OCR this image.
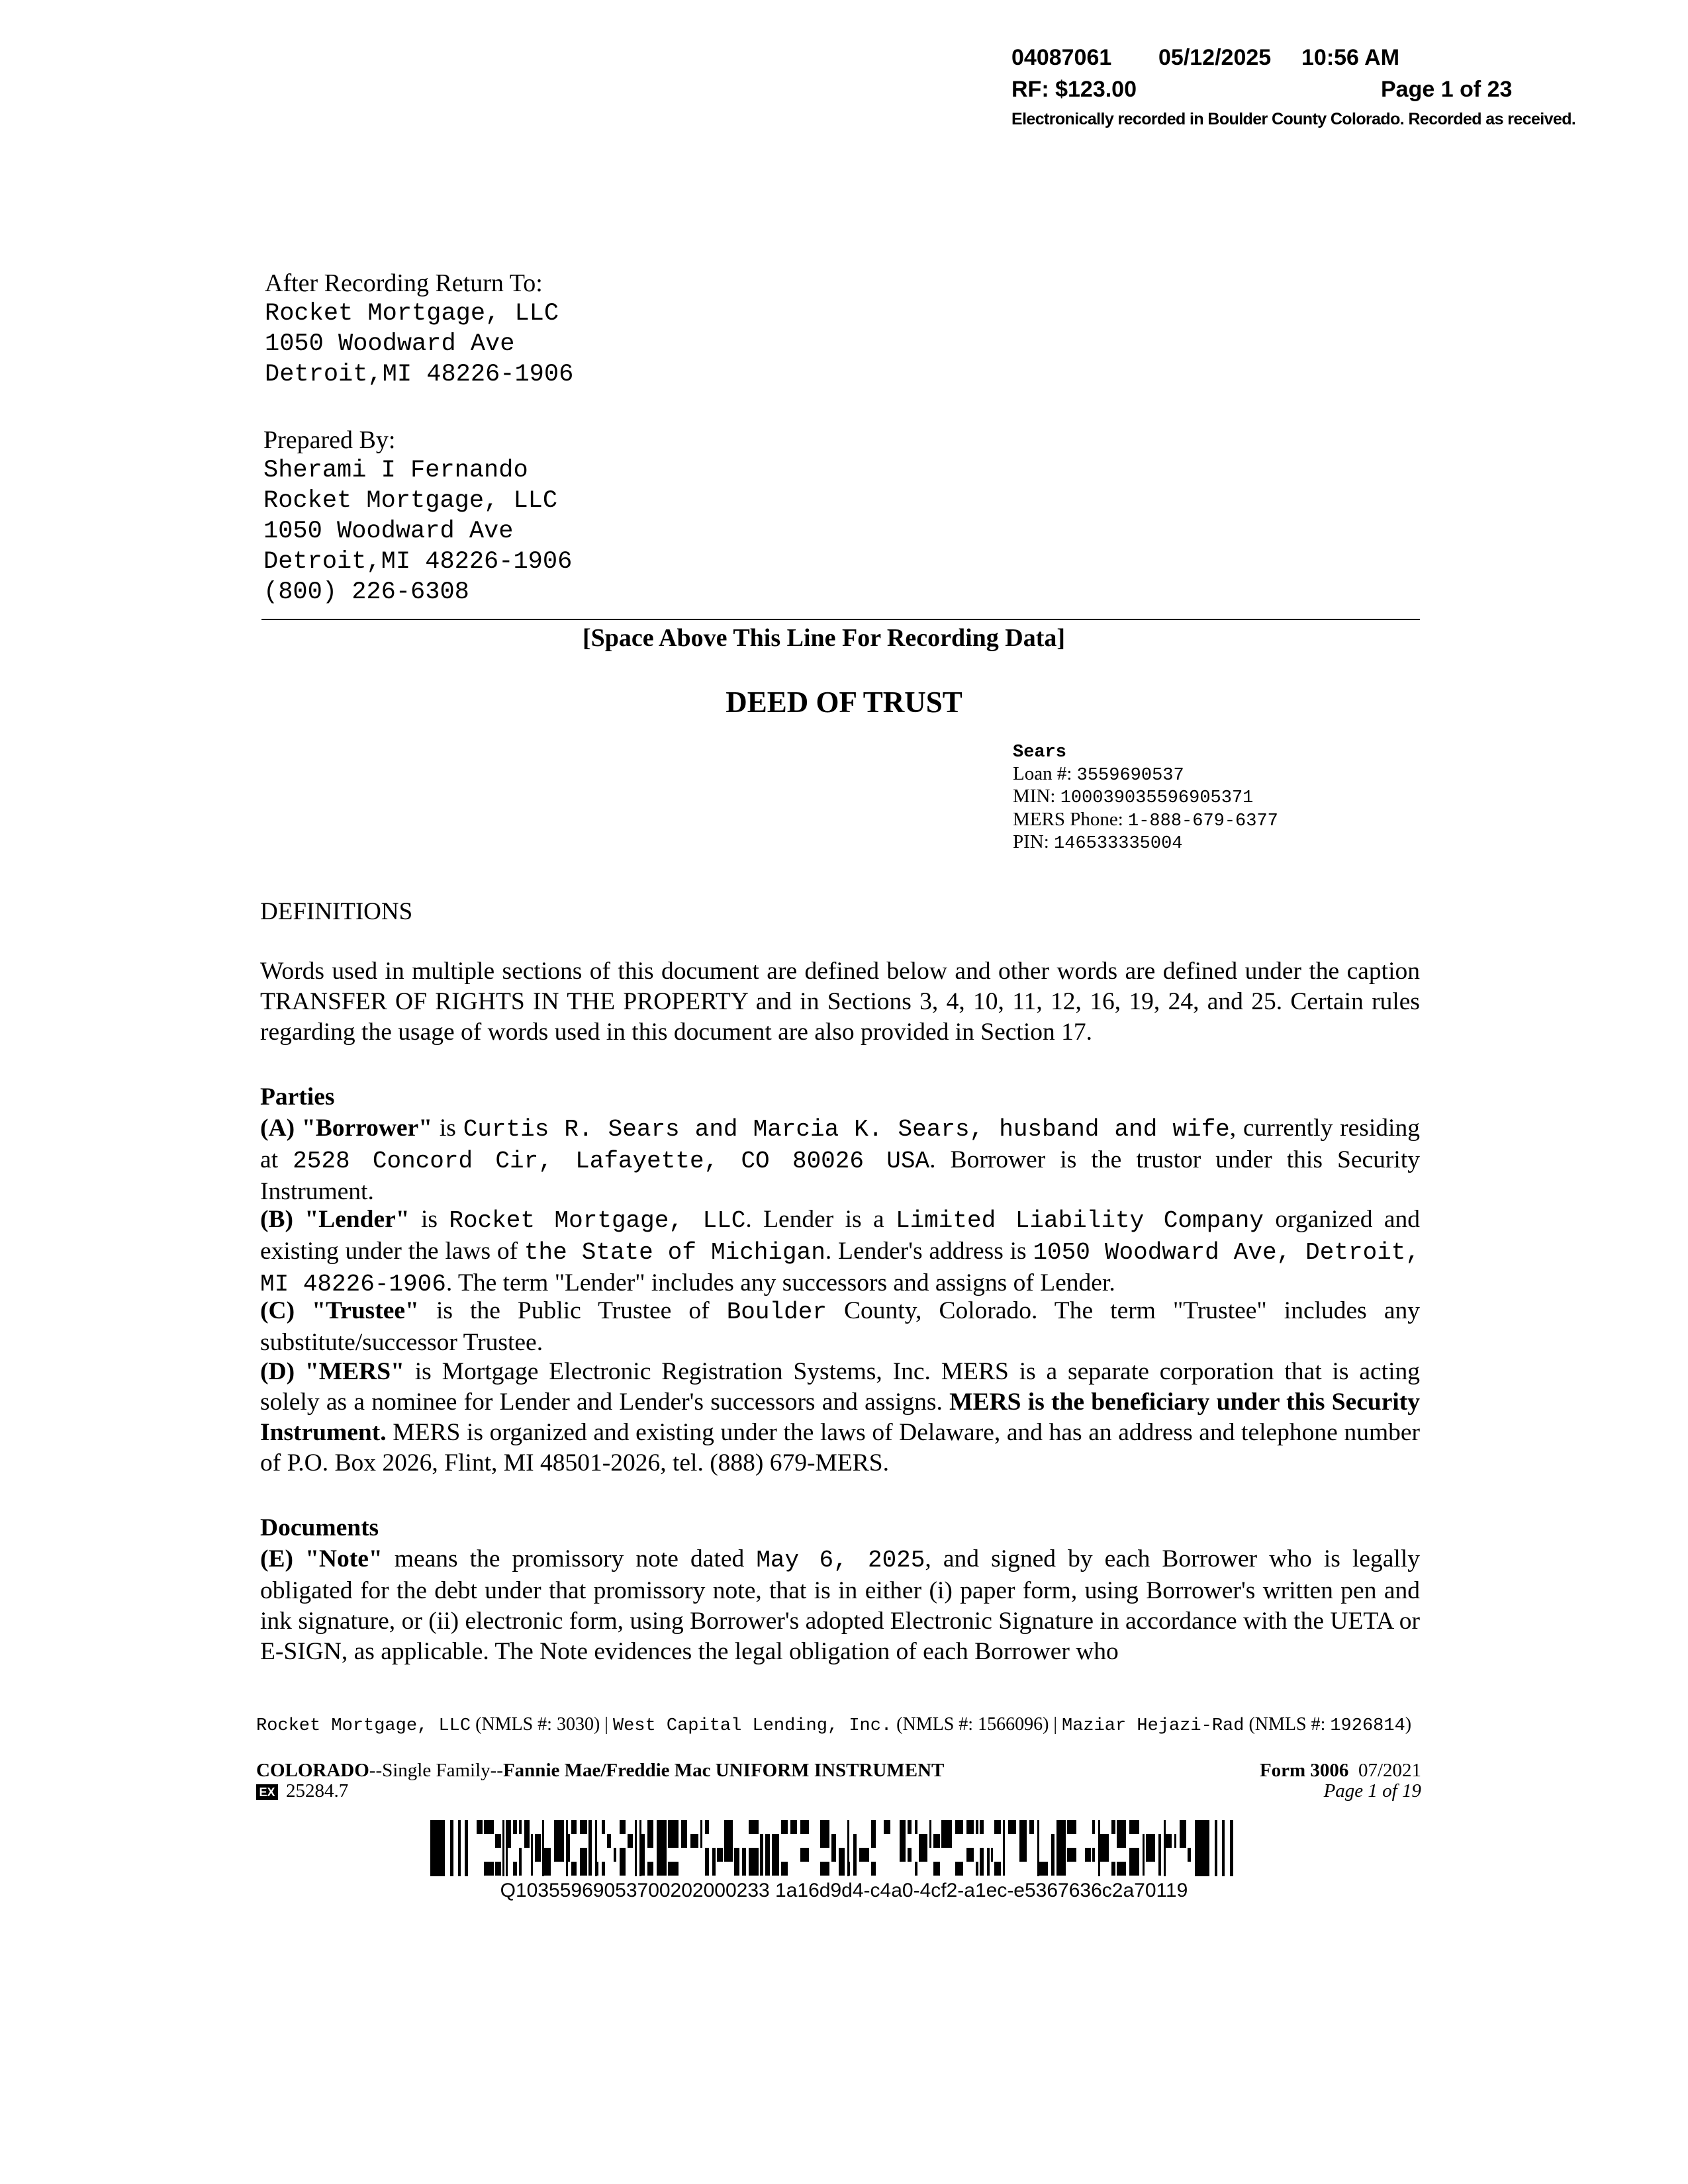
04087061 05/12/2025 10:56 AM
RF: $123.00	Page 1 of 23
Electronically recorded in Boulder County Colorado. Recorded as received.
After Recording Return To:
Rocket Mortgage, LLC
1050 Woodward Ave
Detroit,MI 48226-1906
Prepared By:
Sherami I Fernando
Rocket Mortgage, LLC
1050 Woodward Ave
Detroit,MI 48226-1906
(800) 226-6308
[Space Above This Line For Recording Data]
DEED OF TRUST
Sears
Loan #: 3559690537
MIN: 100039035596905371
MERS Phone: 1-888-679-6377
PIN: 146533335004
DEFINITIONS
Words used in multiple sections of this document are defined below and other words are defined under the caption TRANSFER OF RIGHTS IN THE PROPERTY and in Sections 3, 4, 10, 11, 12, 16, 19, 24, and 25. Certain rules regarding the usage of words used in this document are also provided in Section 17.
Parties
(A) "Borrower" is Curtis R. Sears and Marcia K. Sears, husband and wife, currently residing at 2528 Concord Cir, Lafayette, CO 80026 USA. Borrower is the trustor under this Security Instrument.
(B) "Lender" is Rocket Mortgage, LLC. Lender is a Limited Liability Company organized and existing under the laws of the State of Michigan. Lender's address is 1050 Woodward Ave, Detroit, MI 48226-1906. The term "Lender" includes any successors and assigns of Lender.
(C) "Trustee" is the Public Trustee of Boulder County, Colorado. The term "Trustee" includes any substitute/successor Trustee.
(D) "MERS" is Mortgage Electronic Registration Systems, Inc. MERS is a separate corporation that is acting solely as a nominee for Lender and Lender's successors and assigns. MERS is the beneficiary under this Security Instrument. MERS is organized and existing under the laws of Delaware, and has an address and telephone number of P.O. Box 2026, Flint, MI 48501-2026, tel. (888) 679-MERS.
Documents
(E) "Note" means the promissory note dated May 6, 2025, and signed by each Borrower who is legally obligated for the debt under that promissory note, that is in either (i) paper form, using Borrower's written pen and ink signature, or (ii) electronic form, using Borrower's adopted Electronic Signature in accordance with the UETA or E-SIGN, as applicable. The Note evidences the legal obligation of each Borrower who
Rocket Mortgage, LLC (NMLS #: 3030) | West Capital Lending, Inc. (NMLS #: 1566096) | Maziar Hejazi-Rad (NMLS #: 1926814)
COLORADO--Single Family--Fannie Mae/Freddie Mac UNIFORM INSTRUMENT	Form 3006 07/2021
EX 25284.7	Page 1 of 19
Q10355969053700202000233 1a16d9d4-c4a0-4cf2-a1ec-e5367636c2a70119
